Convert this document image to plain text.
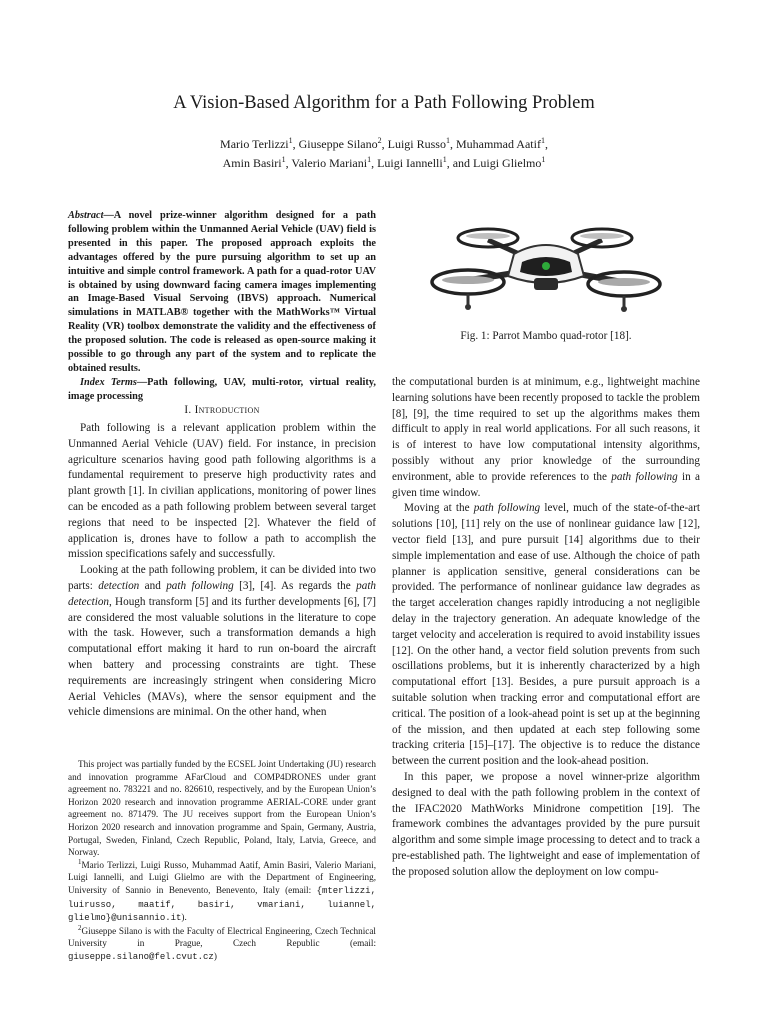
A Vision-Based Algorithm for a Path Following Problem
Mario Terlizzi$^1$, Giuseppe Silano$^2$, Luigi Russo$^1$, Muhammad Aatif$^1$,
Amin Basiri$^1$, Valerio Mariani$^1$, Luigi Iannelli$^1$, and Luigi Glielmo$^1$

Abstract—A novel prize-winner algorithm designed for a path following problem within the Unmanned Aerial Vehicle (UAV) field is presented in this paper. The proposed approach exploits the advantages offered by the pure pursuing algorithm to set up an intuitive and simple control framework. A path for a quad-rotor UAV is obtained by using downward facing camera images implementing an Image-Based Visual Servoing (IBVS) approach. Numerical simulations in MATLAB® together with the MathWorks™ Virtual Reality (VR) toolbox demonstrate the validity and the effectiveness of the proposed solution. The code is released as open-source making it possible to go through any part of the system and to replicate the obtained results.

Index Terms—Path following, UAV, multi-rotor, virtual reality, image processing

I. Introduction

Path following is a relevant application problem within the Unmanned Aerial Vehicle (UAV) field. For instance, in precision agriculture scenarios having good path following algorithms is a fundamental requirement to preserve high productivity rates and plant growth [1]. In civilian applications, monitoring of power lines can be encoded as a path following problem between several target regions that need to be inspected [2]. Whatever the field of application is, drones have to follow a path to accomplish the mission specifications safely and successfully.

Looking at the path following problem, it can be divided into two parts: detection and path following [3], [4]. As regards the path detection, Hough transform [5] and its further developments [6], [7] are considered the most valuable solutions in the literature to cope with the task. However, such a transformation demands a high computational effort making it hard to run on-board the aircraft when battery and processing constraints are tight. These requirements are increasingly stringent when considering Micro Aerial Vehicles (MAVs), where the sensor equipment and the vehicle dimensions are minimal. On the other hand, when

This project was partially funded by the ECSEL Joint Undertaking (JU) research and innovation programme AFarCloud and COMP4DRONES under grant agreement no. 783221 and no. 826610, respectively, and by the European Union’s Horizon 2020 research and innovation programme AERIAL-CORE under grant agreement no. 871479. The JU receives support from the European Union’s Horizon 2020 research and innovation programme and Spain, Germany, Austria, Portugal, Sweden, Finland, Czech Republic, Poland, Italy, Latvia, Greece, and Norway.

$^1$Mario Terlizzi, Luigi Russo, Muhammad Aatif, Amin Basiri, Valerio Mariani, Luigi Iannelli, and Luigi Glielmo are with the Department of Engineering, University of Sannio in Benevento, Benevento, Italy (email: {mterlizzi, luirusso, maatif, basiri, vmariani, luiannel, glielmo}@unisannio.it).

$^2$Giuseppe Silano is with the Faculty of Electrical Engineering, Czech Technical University in Prague, Czech Republic (email: giuseppe.silano@fel.cvut.cz)

Fig. 1: Parrot Mambo quad-rotor [18].

the computational burden is at minimum, e.g., lightweight machine learning solutions have been recently proposed to tackle the problem [8], [9], the time required to set up the algorithms makes them difficult to apply in real world applications. For all such reasons, it is of interest to have low computational intensity algorithms, possibly without any prior knowledge of the surrounding environment, able to provide references to the path following in a given time window.

Moving at the path following level, much of the state-of-the-art solutions [10], [11] rely on the use of nonlinear guidance law [12], vector field [13], and pure pursuit [14] algorithms due to their simple implementation and ease of use. Although the choice of path planner is application sensitive, general considerations can be provided. The performance of nonlinear guidance law degrades as the target acceleration changes rapidly introducing a not negligible delay in the trajectory generation. An adequate knowledge of the target velocity and acceleration is required to avoid instability issues [12]. On the other hand, a vector field solution prevents from such oscillations problems, but it is inherently characterized by a high computational effort [13]. Besides, a pure pursuit approach is a suitable solution when tracking error and computational effort are critical. The position of a look-ahead point is set up at the beginning of the mission, and then updated at each step following some tracking criteria [15]–[17]. The objective is to reduce the distance between the current position and the look-ahead position.

In this paper, we propose a novel winner-prize algorithm designed to deal with the path following problem in the context of the IFAC2020 MathWorks Minidrone competition [19]. The framework combines the advantages provided by the pure pursuit algorithm and some simple image processing to detect and to track a pre-established path. The lightweight and ease of implementation of the proposed solution allow the deployment on low compu-
